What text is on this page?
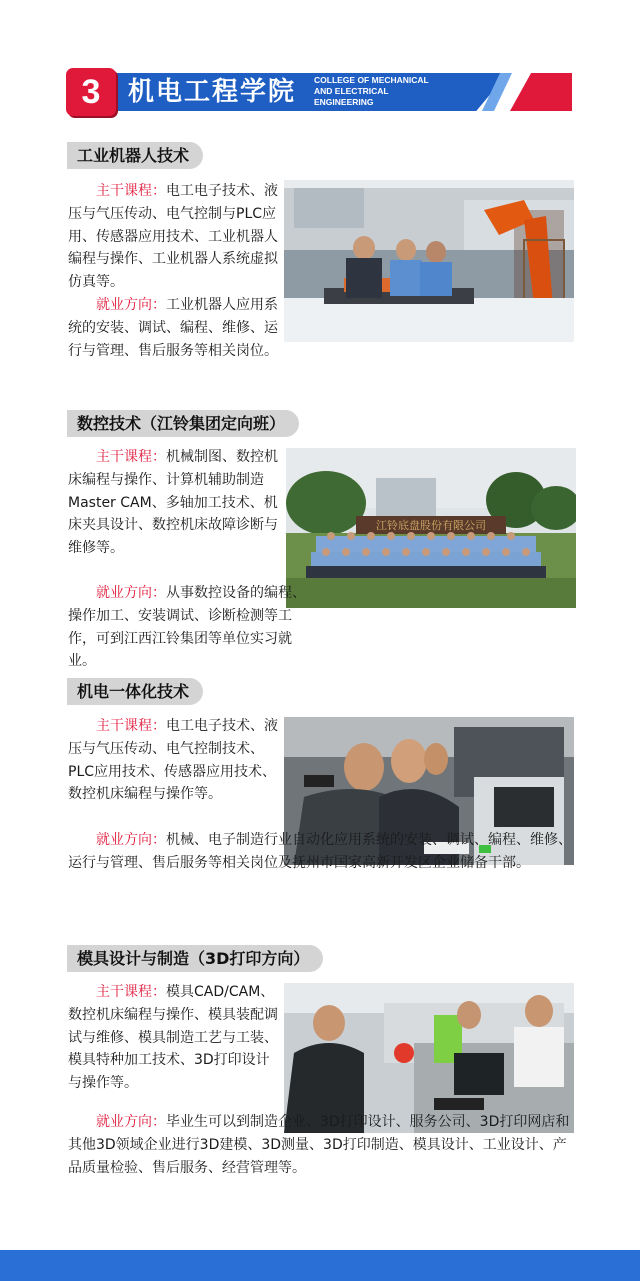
3	机电工程学院 COLLEGE OF MECHANICAL
AND ELECTRICAL
ENGINEERING
工业机器人技术

主干课程：电工电子技术、液压与气压传动、电气控制与PLC应用、传感器应用技术、工业机器人编程与操作、工业机器人系统虚拟仿真等。

就业方向：工业机器人应用系统的安装、调试、编程、维修、运行与管理、售后服务等相关岗位。

数控技术（江铃集团定向班）
江铃底盘股份有限公司

主干课程：机械制图、数控机床编程与操作、计算机辅助制造Master CAM、多轴加工技术、机床夹具设计、数控机床故障诊断与维修等。

就业方向：从事数控设备的编程、操作加工、安装调试、诊断检测等工作，可到江西江铃集团等单位实习就业。

机电一体化技术

主干课程：电工电子技术、液压与气压传动、电气控制技术、PLC应用技术、传感器应用技术、数控机床编程与操作等。

就业方向：机械、电子制造行业自动化应用系统的安装、调试、编程、维修、运行与管理、售后服务等相关岗位及抚州市国家高新开发区企业储备干部。

模具设计与制造（3D打印方向）

主干课程：模具CAD/CAM、数控机床编程与操作、模具装配调试与维修、模具制造工艺与工装、模具特种加工技术、3D打印设计与操作等。

就业方向：毕业生可以到制造企业、3D打印设计、服务公司、3D打印网店和其他3D领域企业进行3D建模、3D测量、3D打印制造、模具设计、工业设计、产品质量检验、售后服务、经营管理等。
